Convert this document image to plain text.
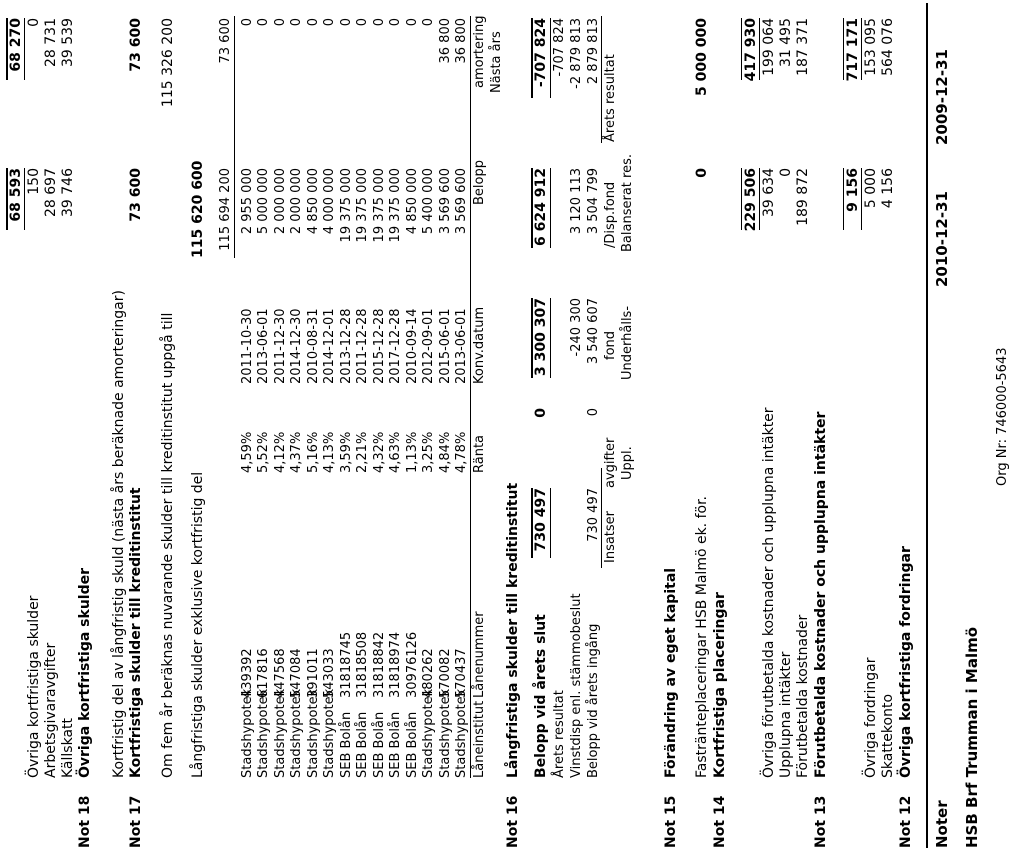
Org Nr: 746000-5643
HSB Brf Trumman i Malmö
Noter
2010-12-31
2009-12-31
Not 12
Övriga kortfristiga fordringar
Skattekonto
4 156
564 076
Övriga fordringar
5 000
153 095
9 156
717 171
Not 13
Förutbetalda kostnader och upplupna intäkter
Förutbetalda kostnader
189 872
187 371
Upplupna intäkter
0
31 495
Övriga förutbetalda kostnader och upplupna intäkter
39 634
199 064
229 506
417 930
Not 14
Kortfristiga placeringar
Fasträntepl​aceringar HSB Malmö ek. för.
0
5 000 000
Not 15
Förändring av eget kapital
Uppl.
avgifter
Insatser
Underhålls-
fond
Balanserat res.
/Disp.fond
Årets resultat
Belopp vid årets ingång
730 497
0
3 540 607
3 504 799
2 879 813
Vinstdisp enl. stämmobeslut
-240 300
3 120 113
-2 879 813
Årets resultat
-707 824
Belopp vid årets slut
730 497
0
3 300 307
6 624 912
-707 824
Not 16
Långfristiga skulder till kreditinstitut
Nästa års
Låneinstitut
Lånenummer
Ränta
Konv.datum
Belopp
amortering
Stadshypotek
570437
4,78%
2013-06-01
3 569 600
36 800
Stadshypotek
570082
4,84%
2015-06-01
3 569 600
36 800
Stadshypotek
480262
3,25%
2012-09-01
5 400 000
0
SEB Bolån
30976126
1,13%
2010-09-14
4 850 000
0
SEB Bolån
31818974
4,63%
2017-12-28
19 375 000
0
SEB Bolån
31818842
4,32%
2015-12-28
19 375 000
0
SEB Bolån
31818508
2,21%
2011-12-28
19 375 000
0
SEB Bolån
31818745
3,59%
2013-12-28
19 375 000
0
Stadshypotek
543033
4,13%
2014-12-01
4 000 000
0
Stadshypotek
391011
5,16%
2010-08-31
4 850 000
0
Stadshypotek
547084
4,37%
2014-12-30
2 000 000
0
Stadshypotek
447568
4,12%
2011-12-30
2 000 000
0
Stadshypotek
617816
5,52%
2013-06-01
5 000 000
0
Stadshypotek
439392
4,59%
2011-10-30
2 955 000
0
115 694 200
73 600
Långfristiga skulder exklusive kortfristig del
115 620 600
Om fem år beräknas nuvarande skulder till kreditinstitut uppgå till
115 326 200
Not 17
Kortfristiga skulder till kreditinstitut
73 600
73 600
Kortfristig del av långfristig skuld (nästa års beräknade amorteringar)
Not 18
Övriga kortfristiga skulder
Källskatt
39 746
39 539
Arbetsgivaravgifter
28 697
28 731
Övriga kortfristiga skulder
150
0
68 593
68 270
